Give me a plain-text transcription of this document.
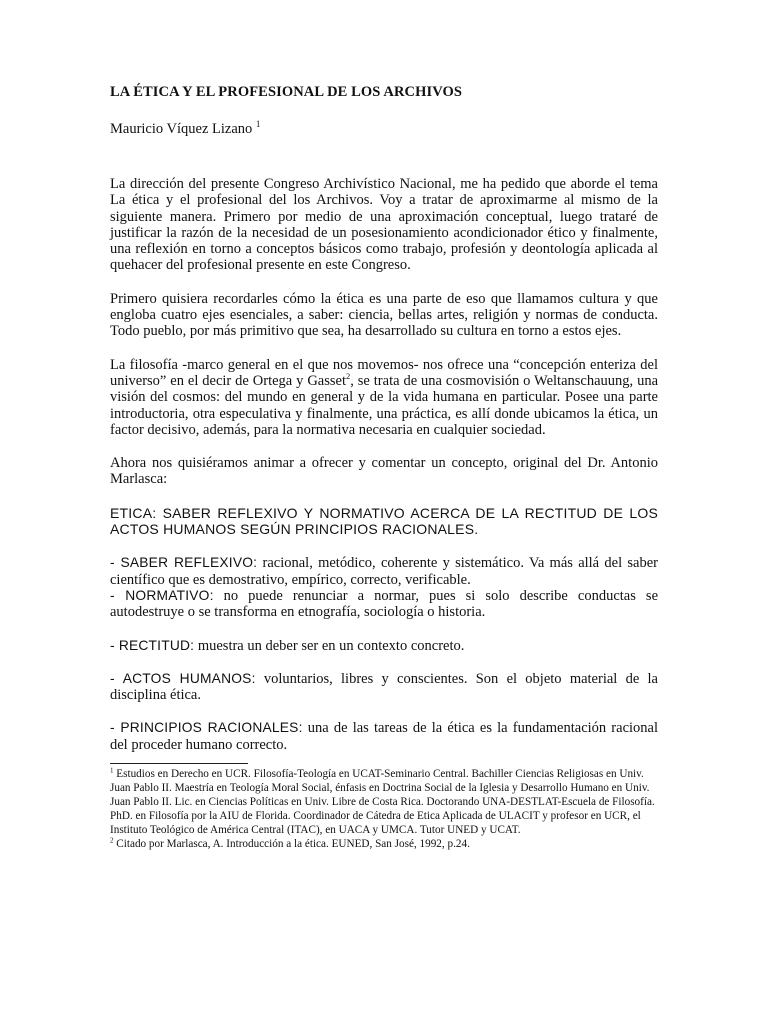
LA ÉTICA Y EL PROFESIONAL DE LOS ARCHIVOS
Mauricio Víquez Lizano $^1$

La dirección del presente Congreso Archivístico Nacional, me ha pedido que aborde el tema La ética y el profesional del los Archivos. Voy a tratar de aproximarme al mismo de la siguiente manera. Primero por medio de una aproximación conceptual, luego trataré de justificar la razón de la necesidad de un posesionamiento acondicionador ético y finalmente, una reflexión en torno a conceptos básicos como trabajo, profesión y deontología aplicada al quehacer del profesional presente en este Congreso.

Primero quisiera recordarles cómo la ética es una parte de eso que llamamos cultura y que engloba cuatro ejes esenciales, a saber: ciencia, bellas artes, religión y normas de conducta. Todo pueblo, por más primitivo que sea, ha desarrollado su cultura en torno a estos ejes.

La filosofía -marco general en el que nos movemos- nos ofrece una “concepción enteriza del universo” en el decir de Ortega y Gasset$^2$, se trata de una cosmovisión o Weltanschauung, una visión del cosmos: del mundo en general y de la vida humana en particular. Posee una parte introductoria, otra especulativa y finalmente, una práctica, es allí donde ubicamos la ética, un factor decisivo, además, para la normativa necesaria en cualquier sociedad.

Ahora nos quisiéramos animar a ofrecer y comentar un concepto, original del Dr. Antonio Marlasca:

ETICA: SABER REFLEXIVO Y NORMATIVO ACERCA DE LA RECTITUD DE LOS ACTOS HUMANOS SEGÚN PRINCIPIOS RACIONALES.

- SABER REFLEXIVO: racional, metódico, coherente y sistemático. Va más allá del saber científico que es demostrativo, empírico, correcto, verificable.

- NORMATIVO: no puede renunciar a normar, pues si solo describe conductas se autodestruye o se transforma en etnografía, sociología o historia.

- RECTITUD: muestra un deber ser en un contexto concreto.

- ACTOS HUMANOS: voluntarios, libres y conscientes. Son el objeto material de la disciplina ética.

- PRINCIPIOS RACIONALES: una de las tareas de la ética es la fundamentación racional del proceder humano correcto.

$^1$ Estudios en Derecho en UCR. Filosofía-Teología en UCAT-Seminario Central. Bachiller Ciencias Religiosas en Univ. Juan Pablo II. Maestría en Teología Moral Social, énfasis en Doctrina Social de la Iglesia y Desarrollo Humano en Univ. Juan Pablo II. Lic. en Ciencias Políticas en Univ. Libre de Costa Rica. Doctorando UNA-DESTLAT-Escuela de Filosofía. PhD. en Filosofía por la AIU de Florida. Coordinador de Cátedra de Etica Aplicada de ULACIT y profesor en UCR, el Instituto Teológico de América Central (ITAC), en UACA y UMCA. Tutor UNED y UCAT.

$^2$ Citado por Marlasca, A. Introducción a la ética. EUNED, San José, 1992, p.24.
